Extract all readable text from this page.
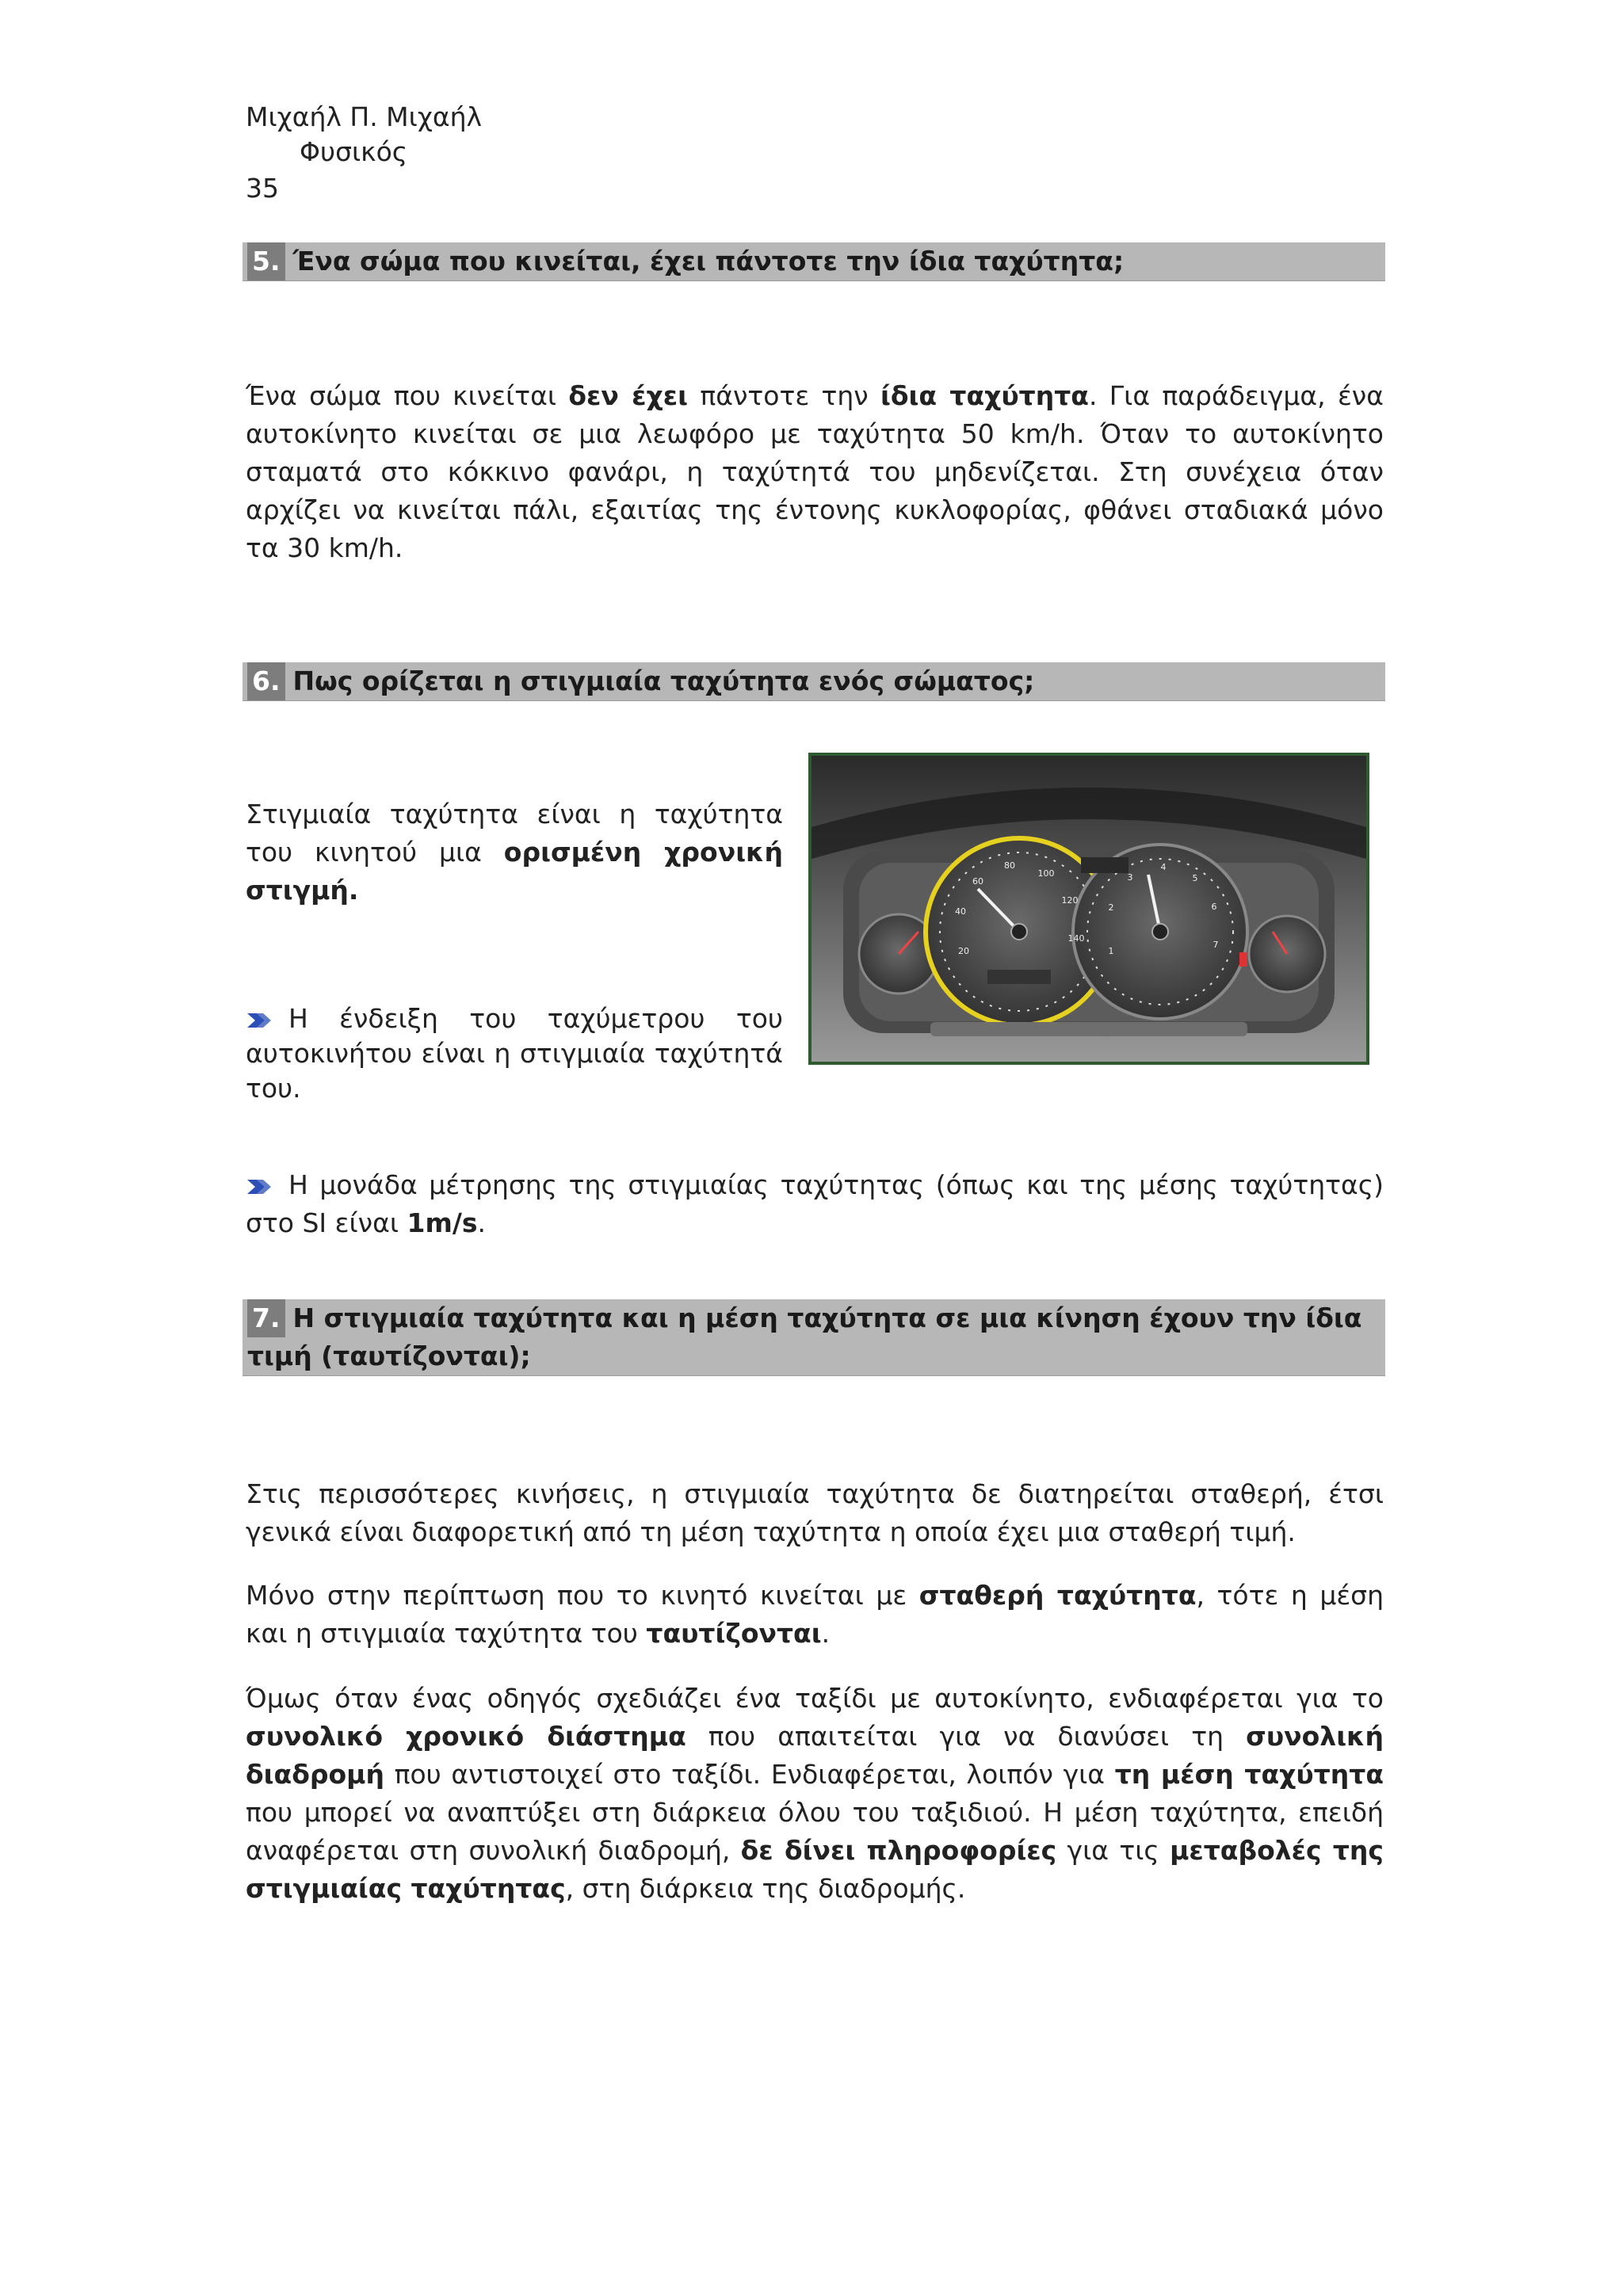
Μιχαήλ Π. Μιχαήλ
Φυσικός
35
5. Ένα σώμα που κινείται, έχει πάντοτε την ίδια ταχύτητα;
Ένα σώμα που κινείται δεν έχει πάντοτε την ίδια ταχύτητα. Για παράδειγμα, ένα αυτοκίνητο κινείται σε μια λεωφόρο με ταχύτητα 50 km/h. Όταν το αυτοκίνητο σταματά στο κόκκινο φανάρι, η ταχύτητά του μηδενίζεται. Στη συνέχεια όταν αρχίζει να κινείται πάλι, εξαιτίας της έντονης κυκλοφορίας, φθάνει σταδιακά μόνο τα 30 km/h.
6. Πως ορίζεται η στιγμιαία ταχύτητα ενός σώματος;
Στιγμιαία ταχύτητα είναι η ταχύτητα του κινητού μια ορισμένη χρονική στιγμή.
Η ένδειξη του ταχύμετρου του αυτοκινήτου είναι η στιγμιαία ταχύτητά του.
20
40
60
80
100
120
140
1
2
3
4
5
6
7
Η μονάδα μέτρησης της στιγμιαίας ταχύτητας (όπως και της μέσης ταχύτητας) στο SI είναι 1m/s.
7. Η στιγμιαία ταχύτητα και η μέση ταχύτητα σε μια κίνηση έχουν την ίδια
τιμή (ταυτίζονται);
Στις περισσότερες κινήσεις, η στιγμιαία ταχύτητα δε διατηρείται σταθερή, έτσι γενικά είναι διαφορετική από τη μέση ταχύτητα η οποία έχει μια σταθερή τιμή.
Μόνο στην περίπτωση που το κινητό κινείται με σταθερή ταχύτητα, τότε η μέση και η στιγμιαία ταχύτητα του ταυτίζονται.
Όμως όταν ένας οδηγός σχεδιάζει ένα ταξίδι με αυτοκίνητο, ενδιαφέρεται για το συνολικό χρονικό διάστημα που απαιτείται για να διανύσει τη συνολική διαδρομή που αντιστοιχεί στο ταξίδι. Ενδιαφέρεται, λοιπόν για τη μέση ταχύτητα που μπορεί να αναπτύξει στη διάρκεια όλου του ταξιδιού. Η μέση ταχύτητα, επειδή αναφέρεται στη συνολική διαδρομή, δε δίνει πληροφορίες για τις μεταβολές της στιγμιαίας ταχύτητας, στη διάρκεια της διαδρομής.
